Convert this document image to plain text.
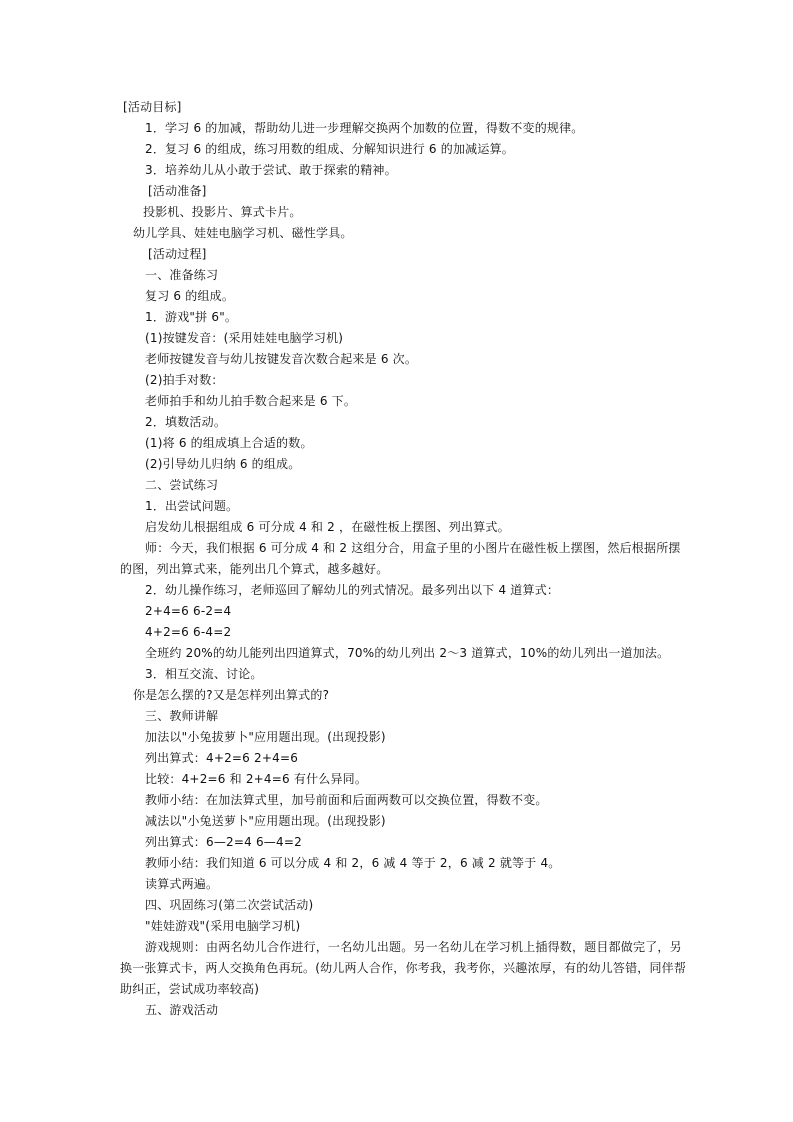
[活动目标]
1．学习 6 的加减，帮助幼儿进一步理解交换两个加数的位置，得数不变的规律。
2．复习 6 的组成，练习用数的组成、分解知识进行 6 的加减运算。
3．培养幼儿从小敢于尝试、敢于探索的精神。
[活动准备]
投影机、投影片、算式卡片。
幼儿学具、娃娃电脑学习机、磁性学具。
[活动过程]
一、准备练习
复习 6 的组成。
1．游戏"拼 6"。
(1)按键发音：(采用娃娃电脑学习机)
老师按键发音与幼儿按键发音次数合起来是 6 次。
(2)拍手对数：
老师拍手和幼儿拍手数合起来是 6 下。
2．填数活动。
(1)将 6 的组成填上合适的数。
(2)引导幼儿归纳 6 的组成。
二、尝试练习
1．出尝试问题。
启发幼儿根据组成 6 可分成 4 和 2 ，在磁性板上摆图、列出算式。
师：今天，我们根据 6 可分成 4 和 2 这组分合，用盒子里的小图片在磁性板上摆图，然后根据所摆
的图，列出算式来，能列出几个算式，越多越好。
2．幼儿操作练习，老师巡回了解幼儿的列式情况。最多列出以下 4 道算式：
2+4=6 6-2=4
4+2=6 6-4=2
全班约 20%的幼儿能列出四道算式，70%的幼儿列出 2～3 道算式，10%的幼儿列出一道加法。
3．相互交流、讨论。
你是怎么摆的?又是怎样列出算式的?
三、教师讲解
加法以"小兔拔萝卜"应用题出现。(出现投影)
列出算式：4+2=6 2+4=6
比较：4+2=6 和 2+4=6 有什么异同。
教师小结：在加法算式里，加号前面和后面两数可以交换位置，得数不变。
减法以"小兔送萝卜"应用题出现。(出现投影)
列出算式：6—2=4 6—4=2
教师小结：我们知道 6 可以分成 4 和 2，6 减 4 等于 2，6 减 2 就等于 4。
读算式两遍。
四、巩固练习(第二次尝试活动)
"娃娃游戏"(采用电脑学习机)
游戏规则：由两名幼儿合作进行，一名幼儿出题。另一名幼儿在学习机上插得数，题目都做完了，另
换一张算式卡，两人交换角色再玩。(幼儿两人合作，你考我，我考你，兴趣浓厚，有的幼儿答错，同伴帮
助纠正，尝试成功率较高)
五、游戏活动
